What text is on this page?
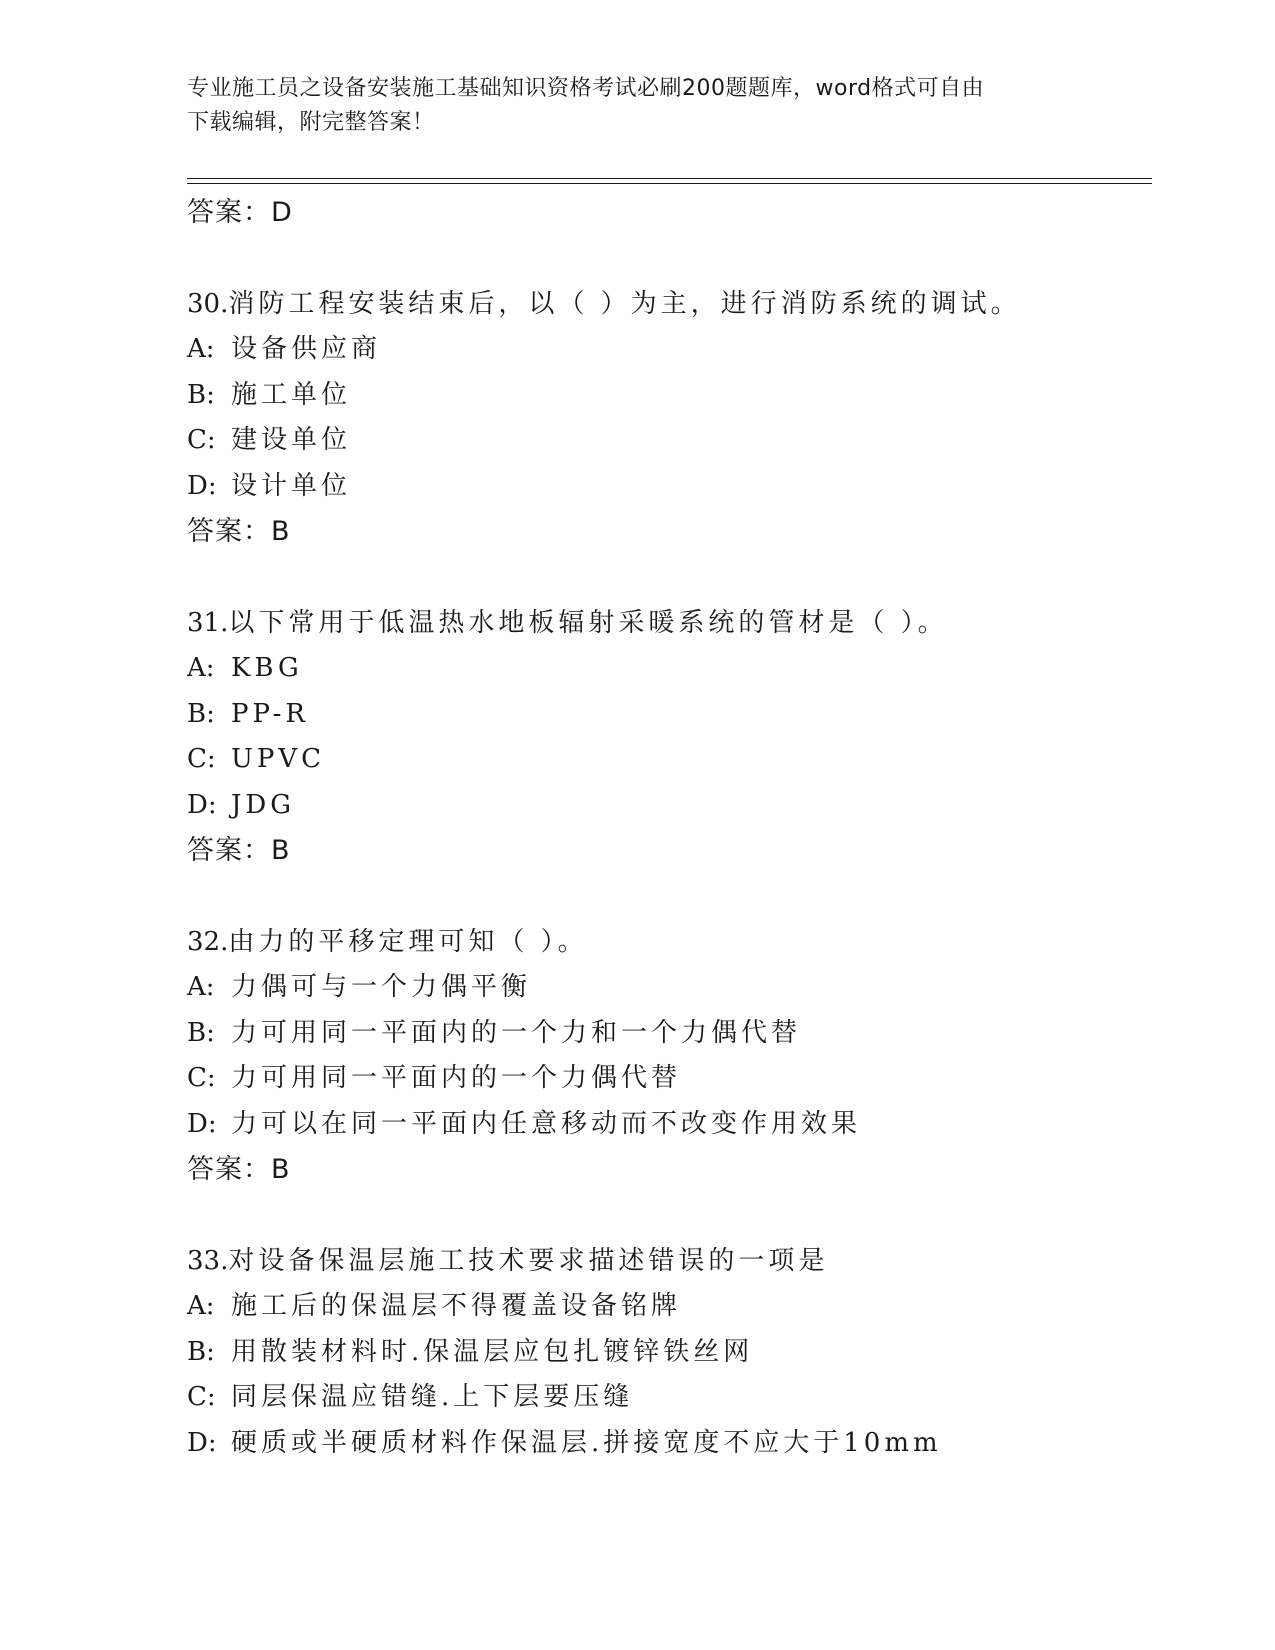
专业施工员之设备安装施工基础知识资格考试必刷200题题库，word格式可自由
下载编辑，附完整答案！
答案：D
30.消防工程安装结束后，以（ ）为主，进行消防系统的调试。
A: 设备供应商
B: 施工单位
C: 建设单位
D: 设计单位
答案：B
31.以下常用于低温热水地板辐射采暖系统的管材是（ ）。
A: KBG
B: PP-R
C: UPVC
D: JDG
答案：B
32.由力的平移定理可知（ ）。
A: 力偶可与一个力偶平衡
B: 力可用同一平面内的一个力和一个力偶代替
C: 力可用同一平面内的一个力偶代替
D: 力可以在同一平面内任意移动而不改变作用效果
答案：B
33.对设备保温层施工技术要求描述错误的一项是
A: 施工后的保温层不得覆盖设备铭牌
B: 用散装材料时.保温层应包扎镀锌铁丝网
C: 同层保温应错缝.上下层要压缝
D: 硬质或半硬质材料作保温层.拼接宽度不应大于10mm
